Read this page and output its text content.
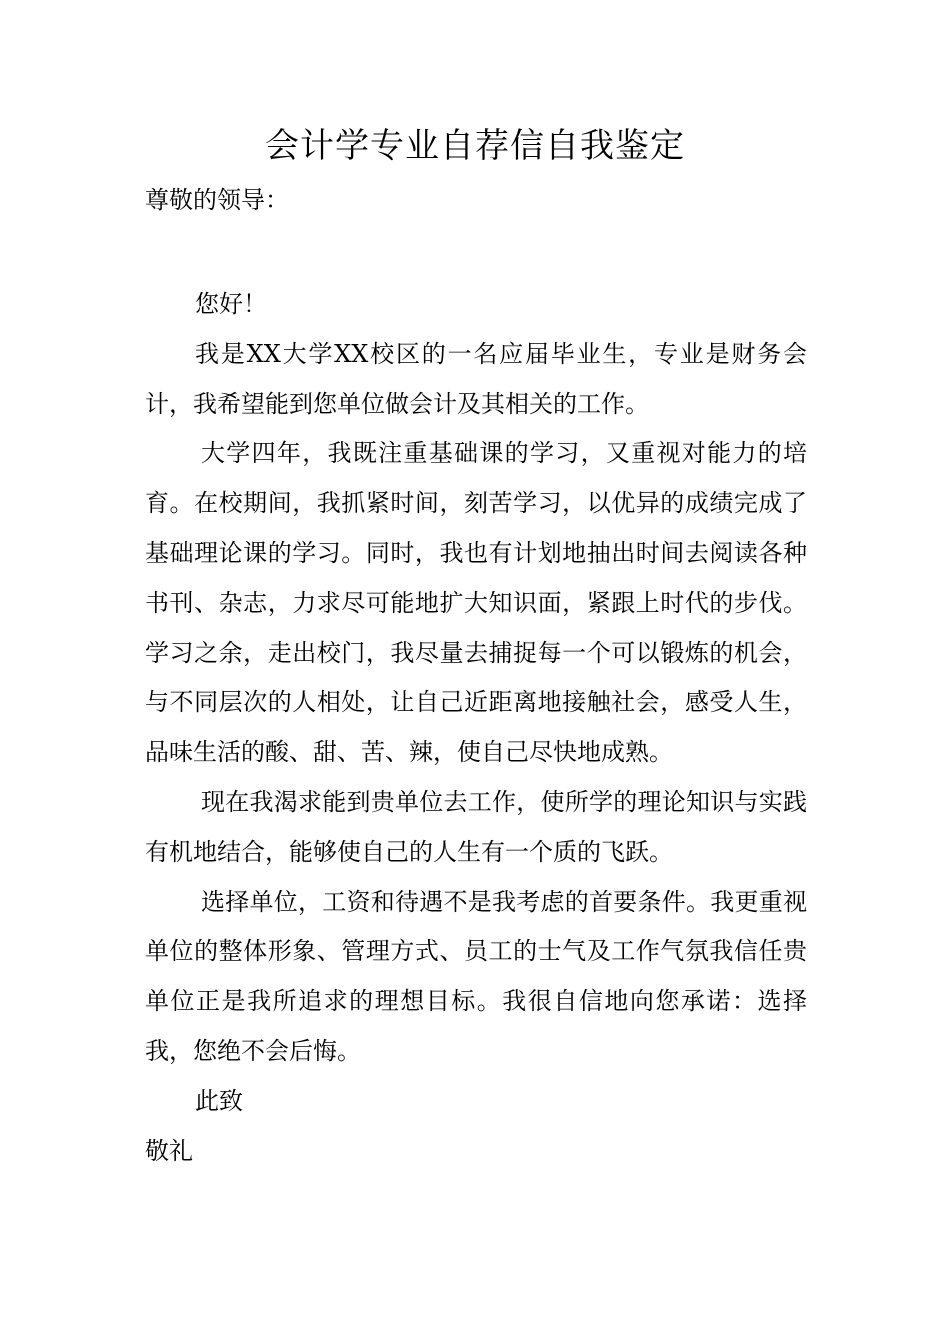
会计学专业自荐信自我鉴定
尊敬的领导：

您好！

我是XX大学XX校区的一名应届毕业生，专业是财务会计，我希望能到您单位做会计及其相关的工作。

大学四年，我既注重基础课的学习，又重视对能力的培育。在校期间，我抓紧时间，刻苦学习，以优异的成绩完成了基础理论课的学习。同时，我也有计划地抽出时间去阅读各种书刊、杂志，力求尽可能地扩大知识面，紧跟上时代的步伐。学习之余，走出校门，我尽量去捕捉每一个可以锻炼的机会，与不同层次的人相处，让自己近距离地接触社会，感受人生，品味生活的酸、甜、苦、辣，使自己尽快地成熟。

现在我渴求能到贵单位去工作，使所学的理论知识与实践有机地结合，能够使自己的人生有一个质的飞跃。

选择单位，工资和待遇不是我考虑的首要条件。我更重视单位的整体形象、管理方式、员工的士气及工作气氛我信任贵单位正是我所追求的理想目标。我很自信地向您承诺：选择我，您绝不会后悔。

此致

敬礼
